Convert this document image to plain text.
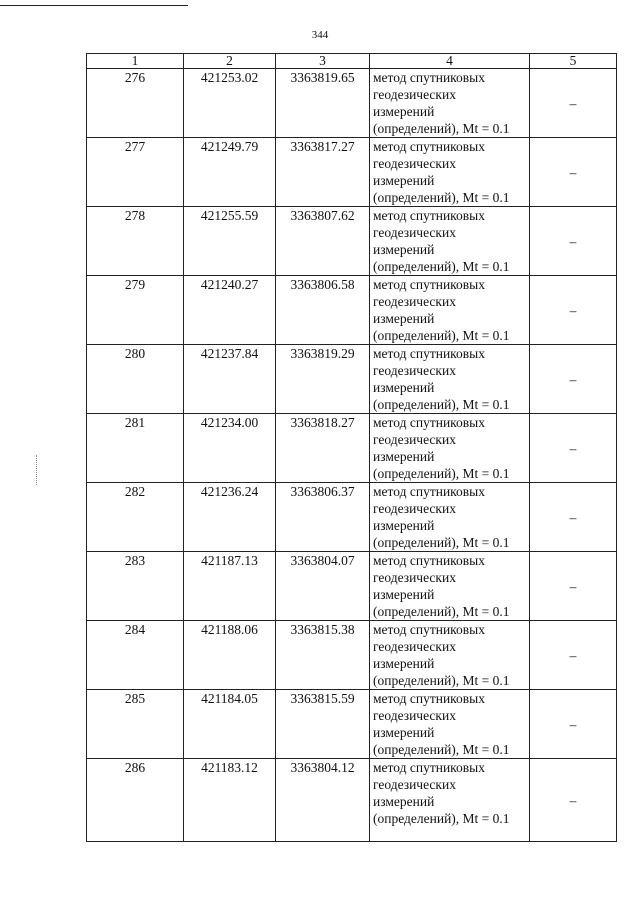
344
1	2	3	4	5
276	421253.02	3363819.65	метод спутниковых
геодезических
измерений
(определений), Mt = 0.1	–
277	421249.79	3363817.27	метод спутниковых
геодезических
измерений
(определений), Mt = 0.1	–
278	421255.59	3363807.62	метод спутниковых
геодезических
измерений
(определений), Mt = 0.1	–
279	421240.27	3363806.58	метод спутниковых
геодезических
измерений
(определений), Mt = 0.1	–
280	421237.84	3363819.29	метод спутниковых
геодезических
измерений
(определений), Mt = 0.1	–
281	421234.00	3363818.27	метод спутниковых
геодезических
измерений
(определений), Mt = 0.1	–
282	421236.24	3363806.37	метод спутниковых
геодезических
измерений
(определений), Mt = 0.1	–
283	421187.13	3363804.07	метод спутниковых
геодезических
измерений
(определений), Mt = 0.1	–
284	421188.06	3363815.38	метод спутниковых
геодезических
измерений
(определений), Mt = 0.1	–
285	421184.05	3363815.59	метод спутниковых
геодезических
измерений
(определений), Mt = 0.1	–
286	421183.12	3363804.12	метод спутниковых
геодезических
измерений
(определений), Mt = 0.1	–
